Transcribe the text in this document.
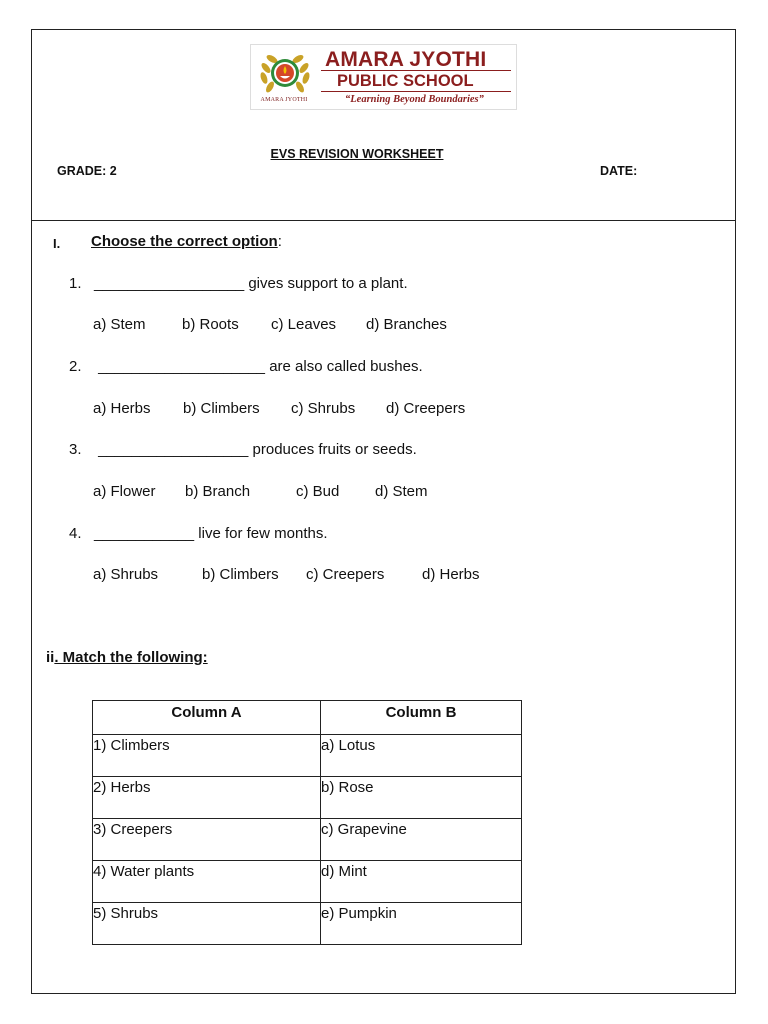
AMARA JYOTHI
AMARA JYOTHI
PUBLIC SCHOOL
“Learning Beyond Boundaries”
EVS REVISION WORKSHEET
GRADE: 2	DATE:
I. Choose the correct option:
1.   __________________ gives support to a plant.
a) Stem b) Roots c) Leaves d) Branches
2.    ____________________ are also called bushes.
a) Herbs b) Climbers c) Shrubs d) Creepers
3.    __________________ produces fruits or seeds.
a) Flower b) Branch	c) Bud d) Stem
4.   ____________ live for few months.
a) Shrubs	b) Climbers c) Creepers	d) Herbs
ii. Match the following:
Column A	Column B
1) Climbers	a) Lotus
2) Herbs	b) Rose
3) Creepers	c) Grapevine
4) Water plants	d) Mint
5) Shrubs	e) Pumpkin
